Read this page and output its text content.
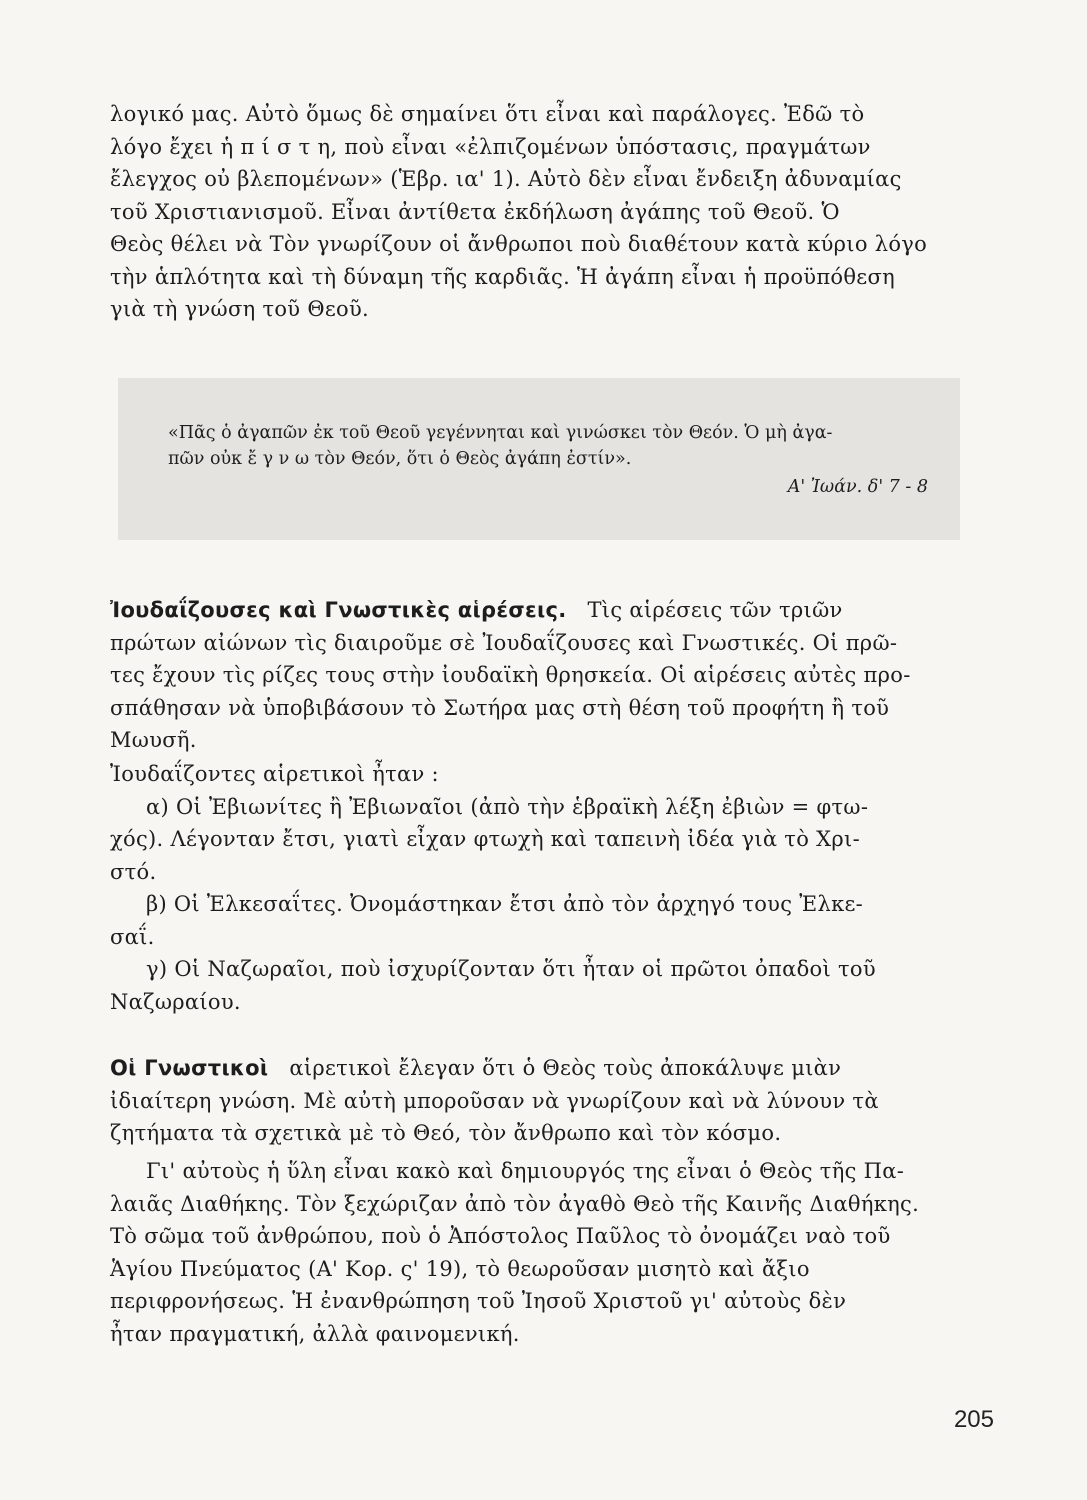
λογικό μας. Αὐτὸ ὅμως δὲ σημαίνει ὅτι εἶναι καὶ παράλογες. Ἐδῶ τὸ
λόγο ἔχει ἡ π ί σ τ η, ποὺ εἶναι «ἐλπιζομένων ὑπόστασις, πραγμάτων
ἔλεγχος οὐ βλεπομένων» (Ἑβρ. ια' 1). Αὐτὸ δὲν εἶναι ἔνδειξη ἀδυναμίας
τοῦ Χριστιανισμοῦ. Εἶναι ἀντίθετα ἐκδήλωση ἀγάπης τοῦ Θεοῦ. Ὁ
Θεὸς θέλει νὰ Τὸν γνωρίζουν οἱ ἄνθρωποι ποὺ διαθέτουν κατὰ κύριο λόγο
τὴν ἁπλότητα καὶ τὴ δύναμη τῆς καρδιᾶς. Ἡ ἀγάπη εἶναι ἡ προϋπόθεση
γιὰ τὴ γνώση τοῦ Θεοῦ.
«Πᾶς ὁ ἀγαπῶν ἐκ τοῦ Θεοῦ γεγέννηται καὶ γινώσκει τὸν Θεόν. Ὁ μὴ ἀγα-
πῶν οὐκ ἔ γ ν ω τὸν Θεόν, ὅτι ὁ Θεὸς ἀγάπη ἐστίν».
Α' Ἰωάν. δ' 7 - 8
Ἰουδαΐζουσες καὶ Γνωστικὲς αἱρέσεις. Τὶς αἱρέσεις τῶν τριῶν
πρώτων αἰώνων τὶς διαιροῦμε σὲ Ἰουδαΐζουσες καὶ Γνωστικές. Οἱ πρῶ-
τες ἔχουν τὶς ρίζες τους στὴν ἰουδαϊκὴ θρησκεία. Οἱ αἱρέσεις αὐτὲς προ-
σπάθησαν νὰ ὑποβιβάσουν τὸ Σωτήρα μας στὴ θέση τοῦ προφήτη ἢ τοῦ
Μωυσῆ.
Ἰουδαΐζοντες αἱρετικοὶ ἦταν :
α) Οἱ Ἐβιωνίτες ἢ Ἐβιωναῖοι (ἀπὸ τὴν ἑβραϊκὴ λέξη ἐβιὼν = φτω-
χός). Λέγονταν ἔτσι, γιατὶ εἶχαν φτωχὴ καὶ ταπεινὴ ἰδέα γιὰ τὸ Χρι-
στό.
β) Οἱ Ἐλκεσαΐτες. Ὀνομάστηκαν ἔτσι ἀπὸ τὸν ἀρχηγό τους Ἐλκε-
σαΐ.
γ) Οἱ Ναζωραῖοι, ποὺ ἰσχυρίζονταν ὅτι ἦταν οἱ πρῶτοι ὀπαδοὶ τοῦ
Ναζωραίου.
Οἱ Γνωστικοὶ αἱρετικοὶ ἔλεγαν ὅτι ὁ Θεὸς τοὺς ἀποκάλυψε μιὰν
ἰδιαίτερη γνώση. Μὲ αὐτὴ μποροῦσαν νὰ γνωρίζουν καὶ νὰ λύνουν τὰ
ζητήματα τὰ σχετικὰ μὲ τὸ Θεό, τὸν ἄνθρωπο καὶ τὸν κόσμο.
Γι' αὐτοὺς ἡ ὕλη εἶναι κακὸ καὶ δημιουργός της εἶναι ὁ Θεὸς τῆς Πα-
λαιᾶς Διαθήκης. Τὸν ξεχώριζαν ἀπὸ τὸν ἀγαθὸ Θεὸ τῆς Καινῆς Διαθήκης.
Τὸ σῶμα τοῦ ἀνθρώπου, ποὺ ὁ Ἀπόστολος Παῦλος τὸ ὀνομάζει ναὸ τοῦ
Ἁγίου Πνεύματος (Α' Κορ. ς' 19), τὸ θεωροῦσαν μισητὸ καὶ ἄξιο
περιφρονήσεως. Ἡ ἐνανθρώπηση τοῦ Ἰησοῦ Χριστοῦ γι' αὐτοὺς δὲν
ἦταν πραγματική, ἀλλὰ φαινομενική.
205
